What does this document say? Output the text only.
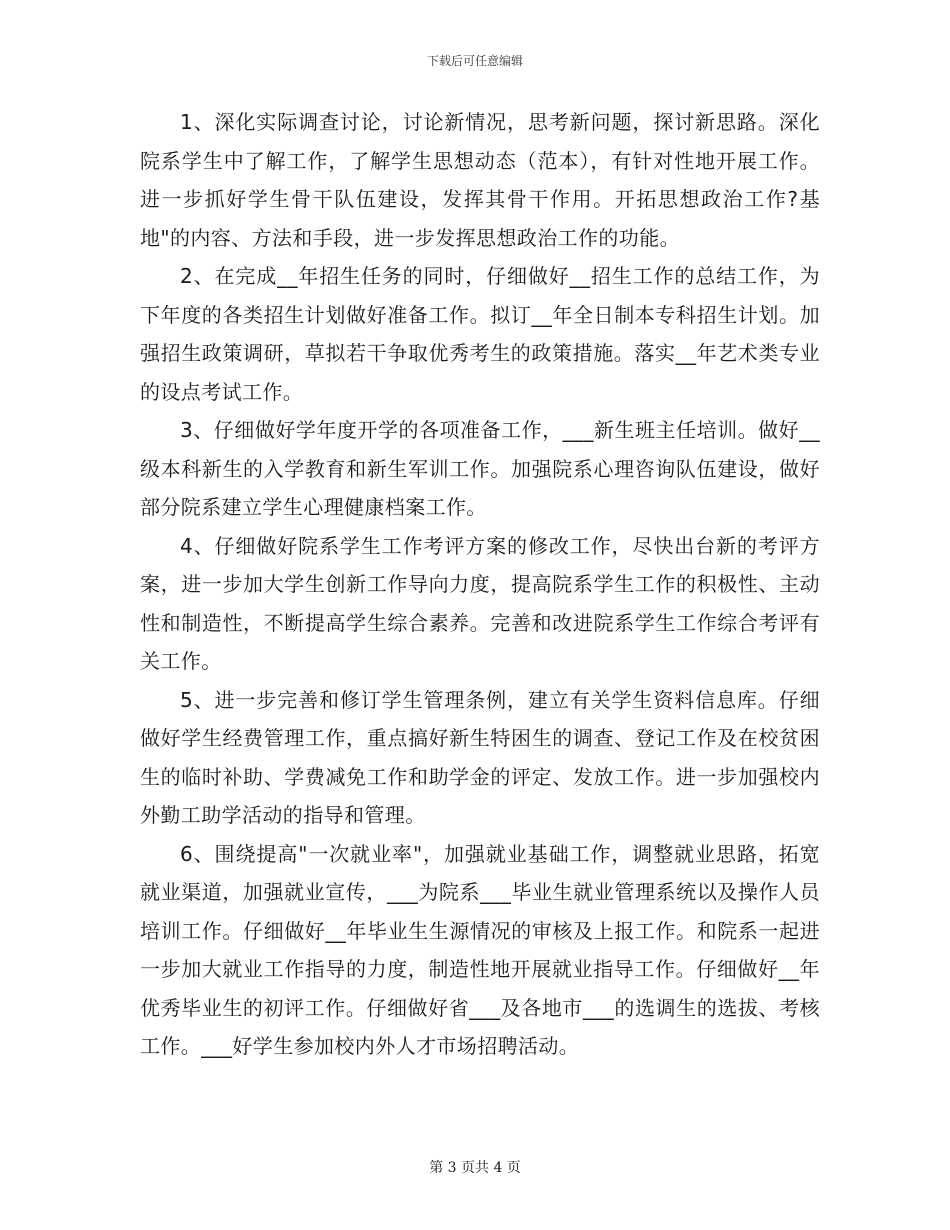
下载后可任意编辑

1、深化实际调查讨论，讨论新情况，思考新问题，探讨新思路。深化院系学生中了解工作，了解学生思想动态（范本），有针对性地开展工作。进一步抓好学生骨干队伍建设，发挥其骨干作用。开拓思想政治工作?基地"的内容、方法和手段，进一步发挥思想政治工作的功能。

2、在完成__年招生任务的同时，仔细做好__招生工作的总结工作，为下年度的各类招生计划做好准备工作。拟订__年全日制本专科招生计划。加强招生政策调研，草拟若干争取优秀考生的政策措施。落实__年艺术类专业的设点考试工作。

3、仔细做好学年度开学的各项准备工作，___新生班主任培训。做好__级本科新生的入学教育和新生军训工作。加强院系心理咨询队伍建设，做好部分院系建立学生心理健康档案工作。

4、仔细做好院系学生工作考评方案的修改工作，尽快出台新的考评方案，进一步加大学生创新工作导向力度，提高院系学生工作的积极性、主动性和制造性，不断提高学生综合素养。完善和改进院系学生工作综合考评有关工作。

5、进一步完善和修订学生管理条例，建立有关学生资料信息库。仔细做好学生经费管理工作，重点搞好新生特困生的调查、登记工作及在校贫困生的临时补助、学费减免工作和助学金的评定、发放工作。进一步加强校内外勤工助学活动的指导和管理。

6、围绕提高"一次就业率"，加强就业基础工作，调整就业思路，拓宽就业渠道，加强就业宣传，___为院系___毕业生就业管理系统以及操作人员培训工作。仔细做好__年毕业生生源情况的审核及上报工作。和院系一起进一步加大就业工作指导的力度，制造性地开展就业指导工作。仔细做好__年优秀毕业生的初评工作。仔细做好省___及各地市___的选调生的选拔、考核工作。___好学生参加校内外人才市场招聘活动。

第 3 页共 4 页
